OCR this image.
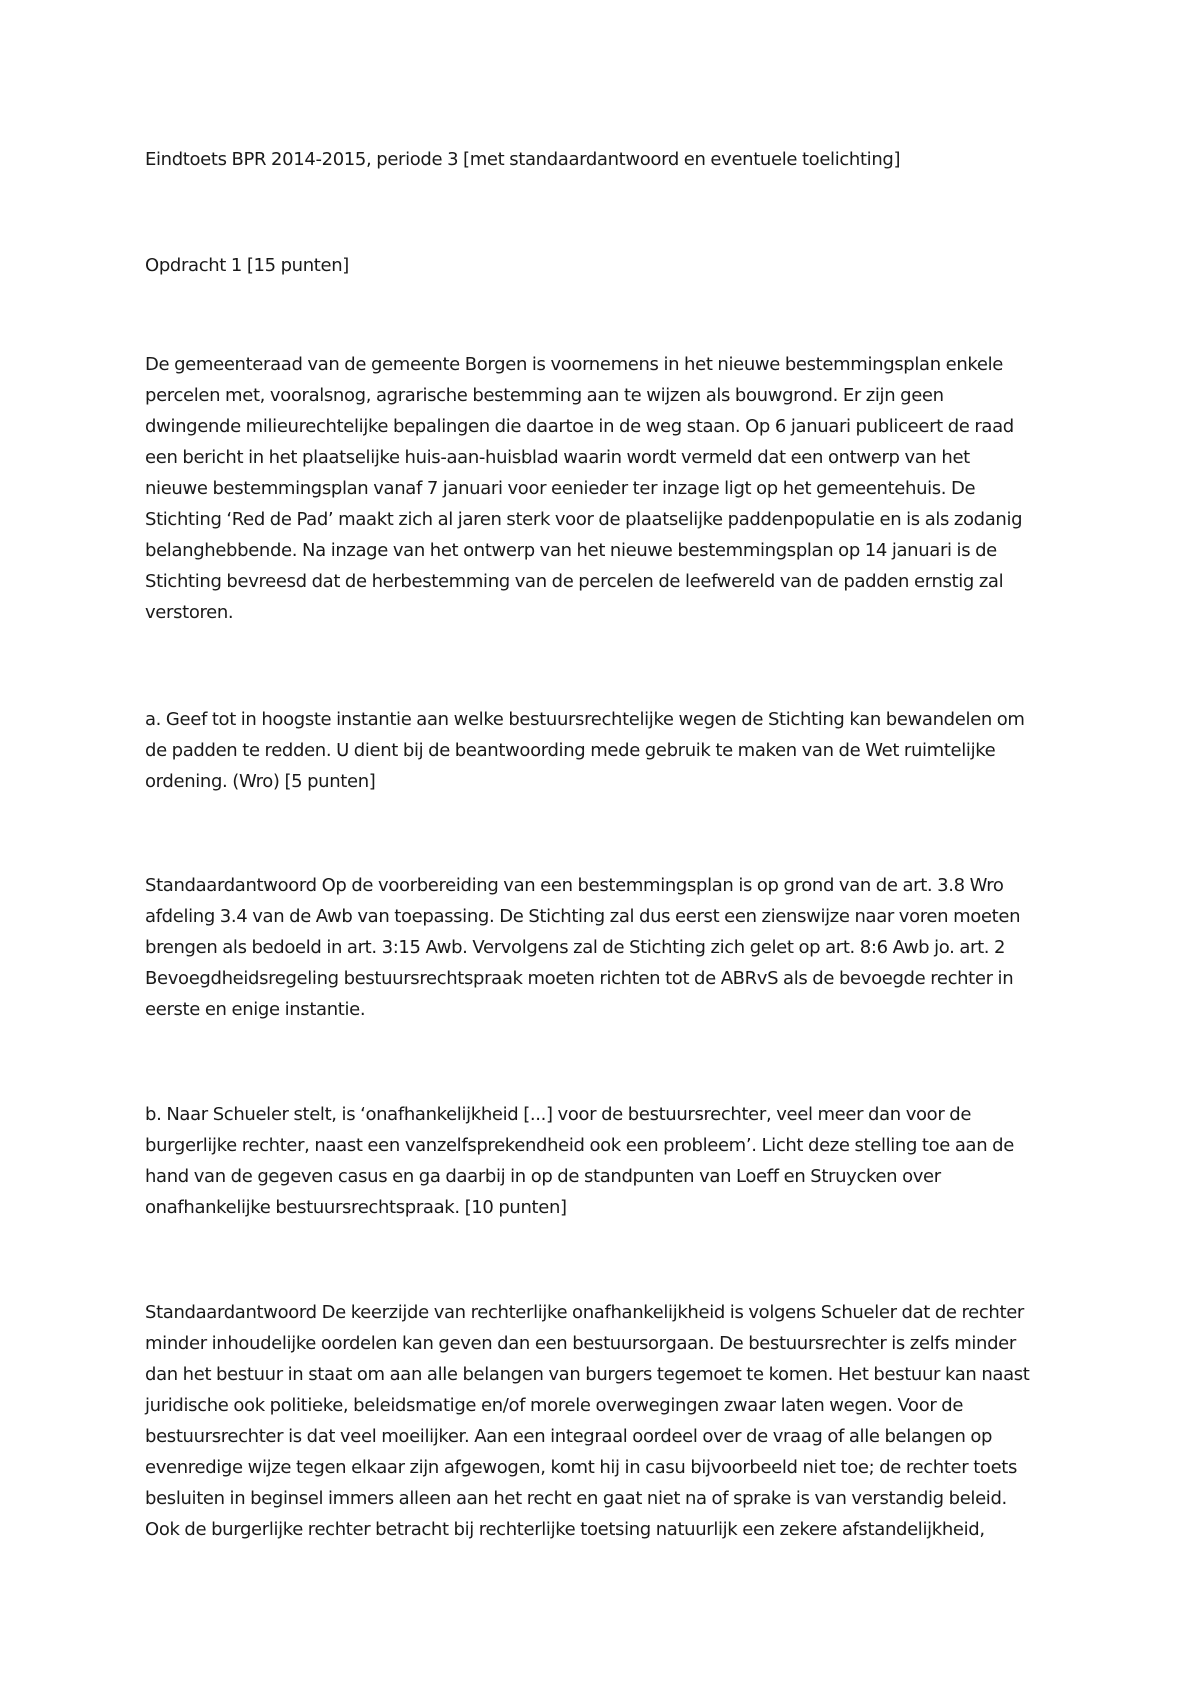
Eindtoets BPR 2014-2015, periode 3 [met standaardantwoord en eventuele toelichting]
Opdracht 1 [15 punten]
De gemeenteraad van de gemeente Borgen is voornemens in het nieuwe bestemmingsplan enkele
percelen met, vooralsnog, agrarische bestemming aan te wijzen als bouwgrond. Er zijn geen
dwingende milieurechtelijke bepalingen die daartoe in de weg staan. Op 6 januari publiceert de raad
een bericht in het plaatselijke huis-aan-huisblad waarin wordt vermeld dat een ontwerp van het
nieuwe bestemmingsplan vanaf 7 januari voor eenieder ter inzage ligt op het gemeentehuis. De
Stichting ‘Red de Pad’ maakt zich al jaren sterk voor de plaatselijke paddenpopulatie en is als zodanig
belanghebbende. Na inzage van het ontwerp van het nieuwe bestemmingsplan op 14 januari is de
Stichting bevreesd dat de herbestemming van de percelen de leefwereld van de padden ernstig zal
verstoren.
a. Geef tot in hoogste instantie aan welke bestuursrechtelijke wegen de Stichting kan bewandelen om
de padden te redden. U dient bij de beantwoording mede gebruik te maken van de Wet ruimtelijke
ordening. (Wro) [5 punten]
Standaardantwoord Op de voorbereiding van een bestemmingsplan is op grond van de art. 3.8 Wro
afdeling 3.4 van de Awb van toepassing. De Stichting zal dus eerst een zienswijze naar voren moeten
brengen als bedoeld in art. 3:15 Awb. Vervolgens zal de Stichting zich gelet op art. 8:6 Awb jo. art. 2
Bevoegdheidsregeling bestuursrechtspraak moeten richten tot de ABRvS als de bevoegde rechter in
eerste en enige instantie.
b. Naar Schueler stelt, is ‘onafhankelijkheid [...] voor de bestuursrechter, veel meer dan voor de
burgerlijke rechter, naast een vanzelfsprekendheid ook een probleem’. Licht deze stelling toe aan de
hand van de gegeven casus en ga daarbij in op de standpunten van Loeff en Struycken over
onafhankelijke bestuursrechtspraak. [10 punten]
Standaardantwoord De keerzijde van rechterlijke onafhankelijkheid is volgens Schueler dat de rechter
minder inhoudelijke oordelen kan geven dan een bestuursorgaan. De bestuursrechter is zelfs minder
dan het bestuur in staat om aan alle belangen van burgers tegemoet te komen. Het bestuur kan naast
juridische ook politieke, beleidsmatige en/of morele overwegingen zwaar laten wegen. Voor de
bestuursrechter is dat veel moeilijker. Aan een integraal oordeel over de vraag of alle belangen op
evenredige wijze tegen elkaar zijn afgewogen, komt hij in casu bijvoorbeeld niet toe; de rechter toets
besluiten in beginsel immers alleen aan het recht en gaat niet na of sprake is van verstandig beleid.
Ook de burgerlijke rechter betracht bij rechterlijke toetsing natuurlijk een zekere afstandelijkheid,
